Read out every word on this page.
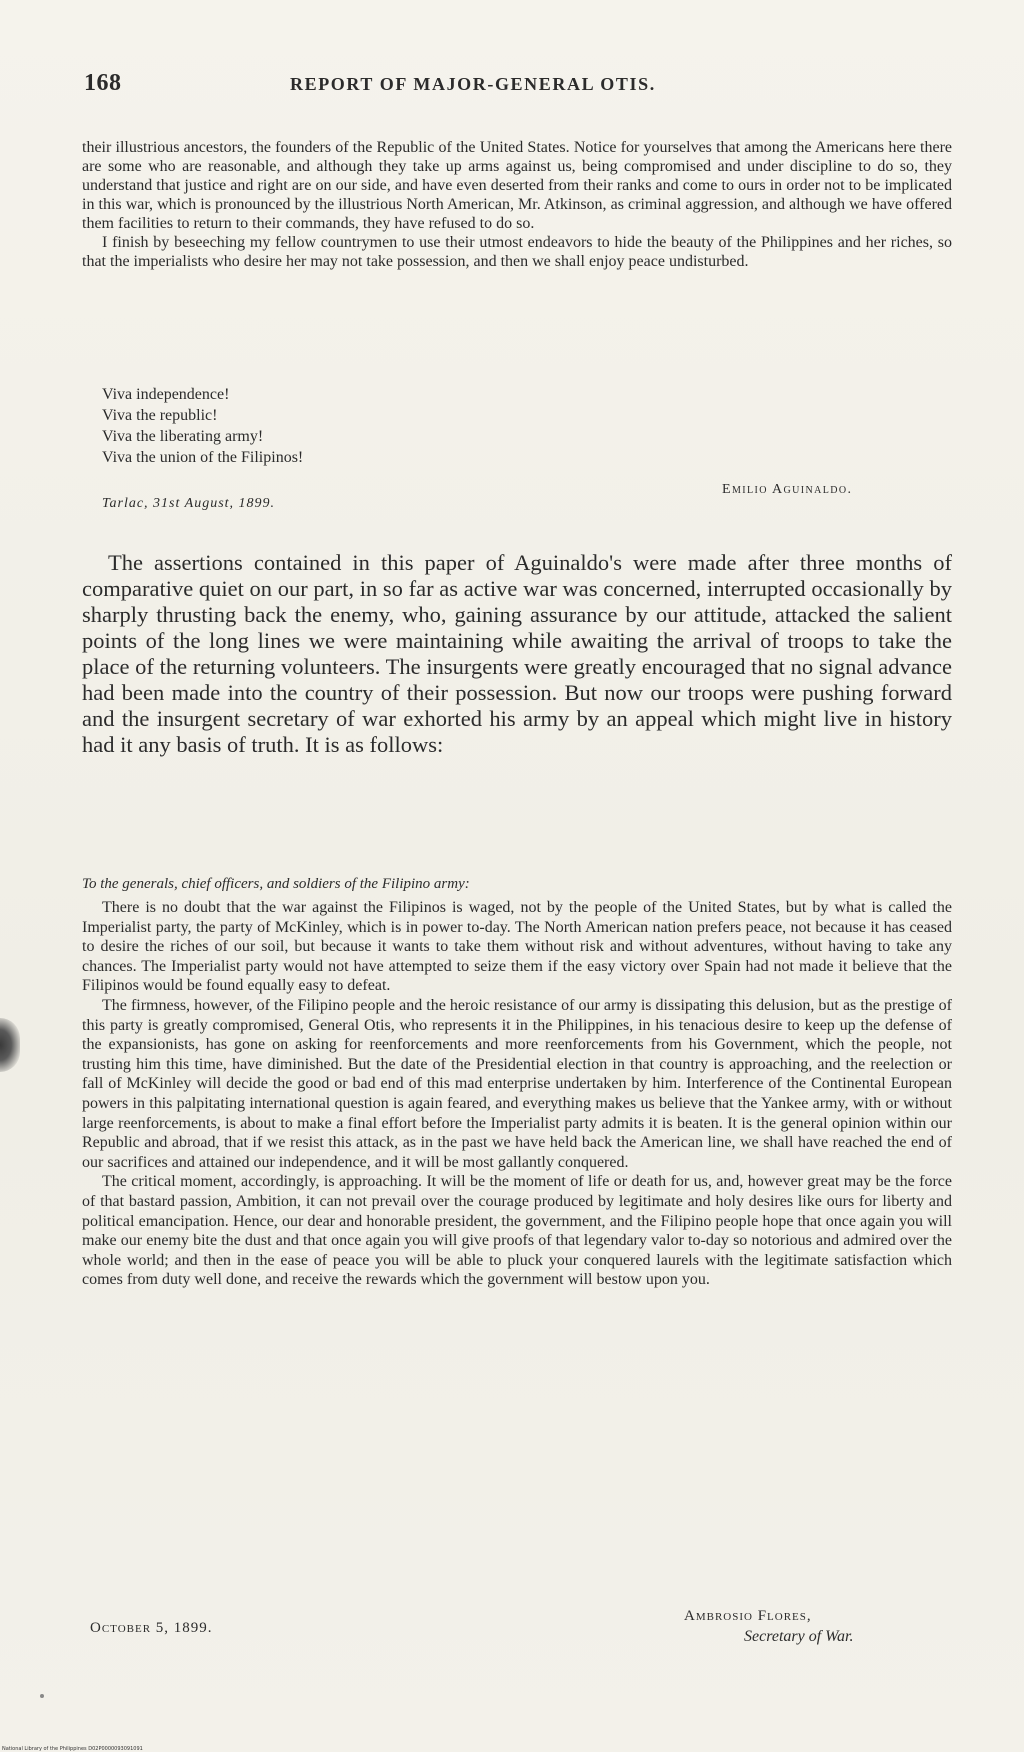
168	REPORT OF MAJOR-GENERAL OTIS.

their illustrious ancestors, the founders of the Republic of the United States. Notice for yourselves that among the Americans here there are some who are reasonable, and although they take up arms against us, being compromised and under discipline to do so, they understand that justice and right are on our side, and have even deserted from their ranks and come to ours in order not to be implicated in this war, which is pronounced by the illustrious North American, Mr. Atkinson, as criminal aggression, and although we have offered them facilities to return to their commands, they have refused to do so.

I finish by beseeching my fellow countrymen to use their utmost endeavors to hide the beauty of the Philippines and her riches, so that the imperialists who desire her may not take possession, and then we shall enjoy peace undisturbed.

Viva independence!
Viva the republic!
Viva the liberating army!
Viva the union of the Filipinos!
Emilio Aguinaldo.
Tarlac, 31st August, 1899.

The assertions contained in this paper of Aguinaldo's were made after three months of comparative quiet on our part, in so far as active war was concerned, interrupted occasionally by sharply thrusting back the enemy, who, gaining assurance by our attitude, attacked the salient points of the long lines we were maintaining while awaiting the arrival of troops to take the place of the returning volunteers. The insurgents were greatly encouraged that no signal advance had been made into the country of their possession. But now our troops were pushing forward and the insurgent secretary of war exhorted his army by an appeal which might live in history had it any basis of truth. It is as follows:

To the generals, chief officers, and soldiers of the Filipino army:

There is no doubt that the war against the Filipinos is waged, not by the people of the United States, but by what is called the Imperialist party, the party of McKinley, which is in power to-day. The North American nation prefers peace, not because it has ceased to desire the riches of our soil, but because it wants to take them without risk and without adventures, without having to take any chances. The Imperialist party would not have attempted to seize them if the easy victory over Spain had not made it believe that the Filipinos would be found equally easy to defeat.

The firmness, however, of the Filipino people and the heroic resistance of our army is dissipating this delusion, but as the prestige of this party is greatly compromised, General Otis, who represents it in the Philippines, in his tenacious desire to keep up the defense of the expansionists, has gone on asking for reenforcements and more reenforcements from his Government, which the people, not trusting him this time, have diminished. But the date of the Presidential election in that country is approaching, and the reelection or fall of McKinley will decide the good or bad end of this mad enterprise undertaken by him. Interference of the Continental European powers in this palpitating international question is again feared, and everything makes us believe that the Yankee army, with or without large reenforcements, is about to make a final effort before the Imperialist party admits it is beaten. It is the general opinion within our Republic and abroad, that if we resist this attack, as in the past we have held back the American line, we shall have reached the end of our sacrifices and attained our independence, and it will be most gallantly conquered.

The critical moment, accordingly, is approaching. It will be the moment of life or death for us, and, however great may be the force of that bastard passion, Ambition, it can not prevail over the courage produced by legitimate and holy desires like ours for liberty and political emancipation. Hence, our dear and honorable president, the government, and the Filipino people hope that once again you will make our enemy bite the dust and that once again you will give proofs of that legendary valor to-day so notorious and admired over the whole world; and then in the ease of peace you will be able to pluck your conquered laurels with the legitimate satisfaction which comes from duty well done, and receive the rewards which the government will bestow upon you.

October 5, 1899.
Ambrosio Flores,
Secretary of War.
National Library of the Philippines D02P0000093091091
